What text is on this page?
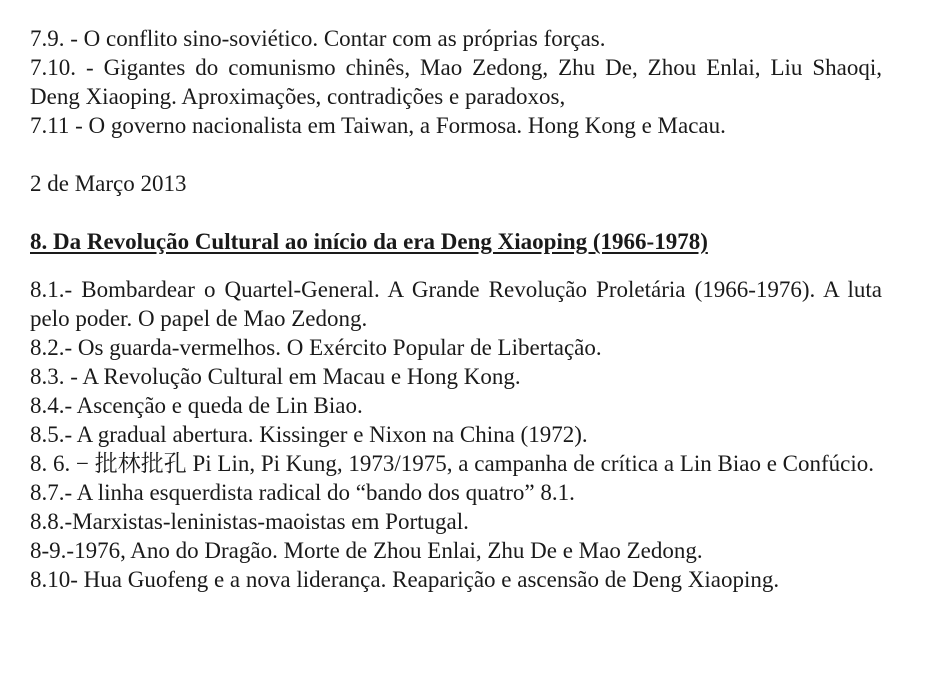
7.9. - O conflito sino-soviético. Contar com as próprias forças.
7.10. - Gigantes do comunismo chinês, Mao Zedong, Zhu De, Zhou Enlai, Liu Shaoqi, Deng Xiaoping. Aproximações, contradições e paradoxos,
7.11 - O governo nacionalista em Taiwan, a Formosa. Hong Kong e Macau.
2 de Março 2013
8. Da Revolução Cultural ao início da era Deng Xiaoping (1966-1978)
8.1.- Bombardear o Quartel-General. A Grande Revolução Proletária (1966-1976). A luta pelo poder. O papel de Mao Zedong.
8.2.- Os guarda-vermelhos. O Exército Popular de Libertação.
8.3. - A Revolução Cultural em Macau e Hong Kong.
8.4.- Ascenção e queda de Lin Biao.
8.5.- A gradual abertura. Kissinger e Nixon na China (1972).
8. 6. − 批林批孔 Pi Lin, Pi Kung, 1973/1975, a campanha de crítica a Lin Biao e Confúcio.
8.7.- A linha esquerdista radical do “bando dos quatro” 8.1.
8.8.-Marxistas-leninistas-maoistas em Portugal.
8-9.-1976, Ano do Dragão. Morte de Zhou Enlai, Zhu De e Mao Zedong.
8.10- Hua Guofeng e a nova liderança. Reaparição e ascensão de Deng Xiaoping.
